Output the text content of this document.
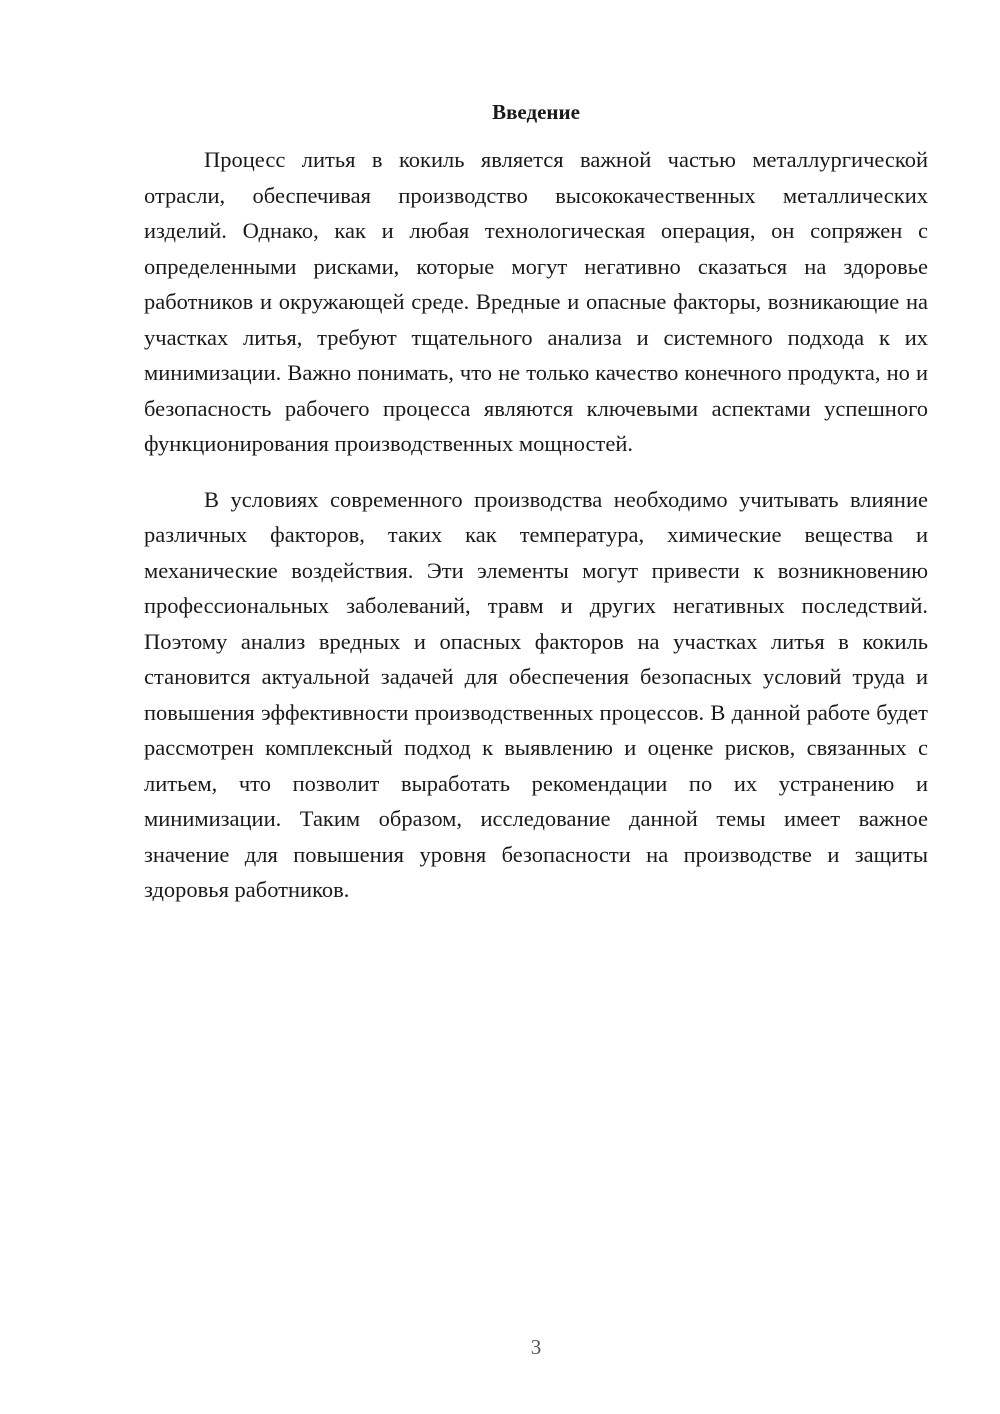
Введение

Процесс литья в кокиль является важной частью металлургической отрасли, обеспечивая производство высококачественных металлических изделий. Однако, как и любая технологическая операция, он сопряжен с определенными рисками, которые могут негативно сказаться на здоровье работников и окружающей среде. Вредные и опасные факторы, возникающие на участках литья, требуют тщательного анализа и системного подхода к их минимизации. Важно понимать, что не только качество конечного продукта, но и безопасность рабочего процесса являются ключевыми аспектами успешного функционирования производственных мощностей.

В условиях современного производства необходимо учитывать влияние различных факторов, таких как температура, химические вещества и механические воздействия. Эти элементы могут привести к возникновению профессиональных заболеваний, травм и других негативных последствий. Поэтому анализ вредных и опасных факторов на участках литья в кокиль становится актуальной задачей для обеспечения безопасных условий труда и повышения эффективности производственных процессов. В данной работе будет рассмотрен комплексный подход к выявлению и оценке рисков, связанных с литьем, что позволит выработать рекомендации по их устранению и минимизации. Таким образом, исследование данной темы имеет важное значение для повышения уровня безопасности на производстве и защиты здоровья работников.

3
